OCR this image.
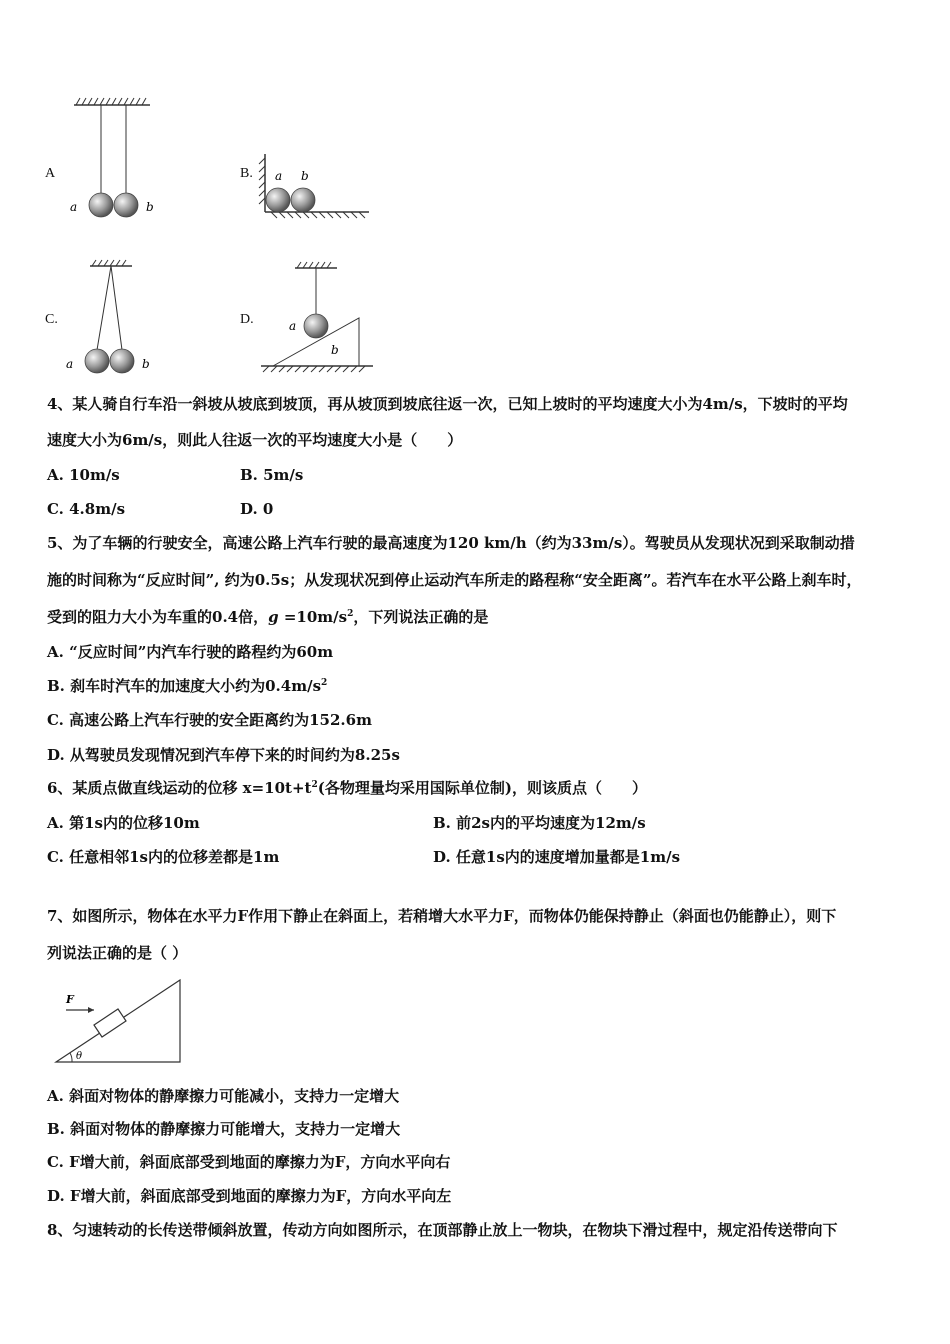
A
a	b
B. a b
C.
a	b
D.	a
b
4、某人骑自行车沿一斜坡从坡底到坡顶，再从坡顶到坡底往返一次，已知上坡时的平均速度大小为4m/s，下坡时的平均
速度大小为6m/s，则此人往返一次的平均速度大小是（　　）
A. 10m/s	B. 5m/s
C. 4.8m/s	D. 0
5、为了车辆的行驶安全，高速公路上汽车行驶的最高速度为120 km/h（约为33m/s）。驾驶员从发现状况到采取制动措
施的时间称为“反应时间”, 约为0.5s；从发现状况到停止运动汽车所走的路程称“安全距离”。若汽车在水平公路上刹车时，
受到的阻力大小为车重的0.4倍，$g =10m/s^2$，下列说法正确的是
A. “反应时间”内汽车行驶的路程约为60m
B. 刹车时汽车的加速度大小约为$0.4m/s^2$
C. 高速公路上汽车行驶的安全距离约为152.6m
D. 从驾驶员发现情况到汽车停下来的时间约为8.25s
6、某质点做直线运动的位移 $x=10t+t^2$(各物理量均采用国际单位制)，则该质点（　　）
A. 第1s内的位移10m	B. 前2s内的平均速度为12m/s
C. 任意相邻1s内的位移差都是1m	D. 任意1s内的速度增加量都是1m/s
7、如图所示，物体在水平力F作用下静止在斜面上，若稍增大水平力F，而物体仍能保持静止（斜面也仍能静止），则下
列说法正确的是（ ）
F
θ
A. 斜面对物体的静摩擦力可能减小，支持力一定增大
B. 斜面对物体的静摩擦力可能增大，支持力一定增大
C. F增大前，斜面底部受到地面的摩擦力为F，方向水平向右
D. F增大前，斜面底部受到地面的摩擦力为F，方向水平向左
8、匀速转动的长传送带倾斜放置，传动方向如图所示，在顶部静止放上一物块，在物块下滑过程中，规定沿传送带向下
